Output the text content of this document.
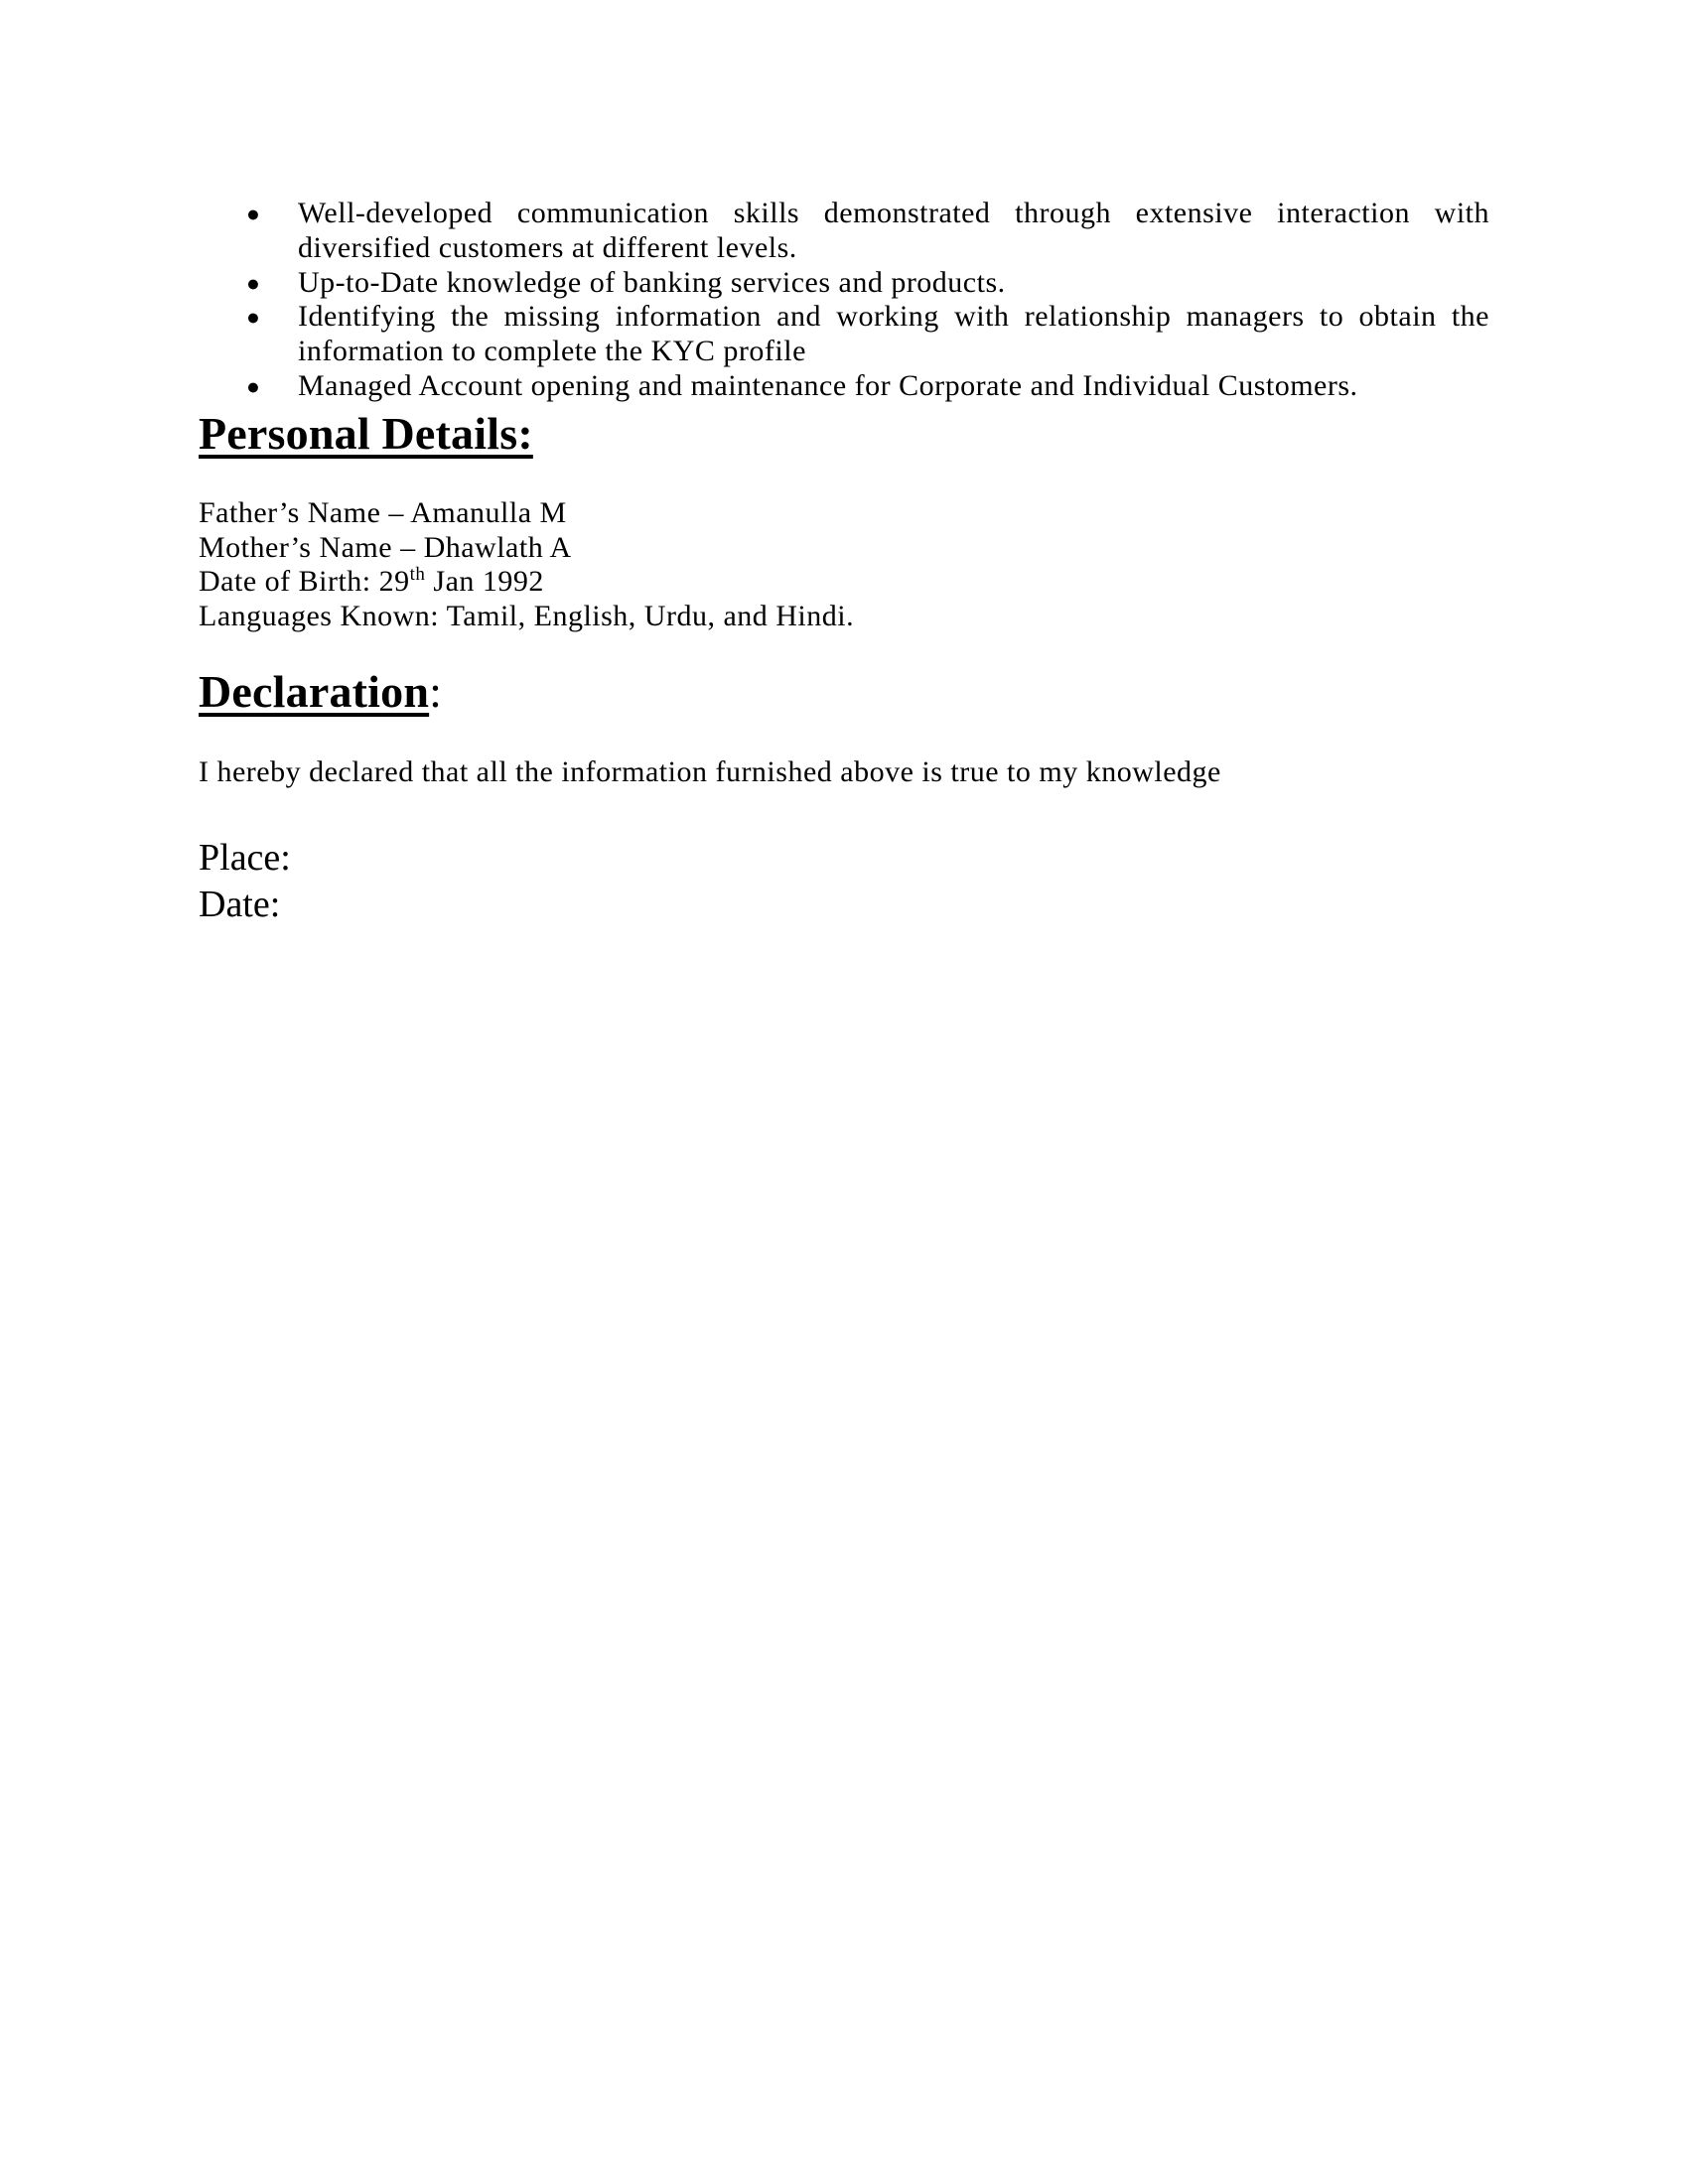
● Well-developed communication skills demonstrated through extensive interaction with diversified customers at different levels.
● Up-to-Date knowledge of banking services and products.
● Identifying the missing information and working with relationship managers to obtain the information to complete the KYC profile
● Managed Account opening and maintenance for Corporate and Individual Customers.
Personal Details:

Father’s Name – Amanulla M

Mother’s Name – Dhawlath A

Date of Birth: 29th Jan 1992

Languages Known: Tamil, English, Urdu, and Hindi.

Declaration:

I hereby declared that all the information furnished above is true to my knowledge

Place:

Date:
